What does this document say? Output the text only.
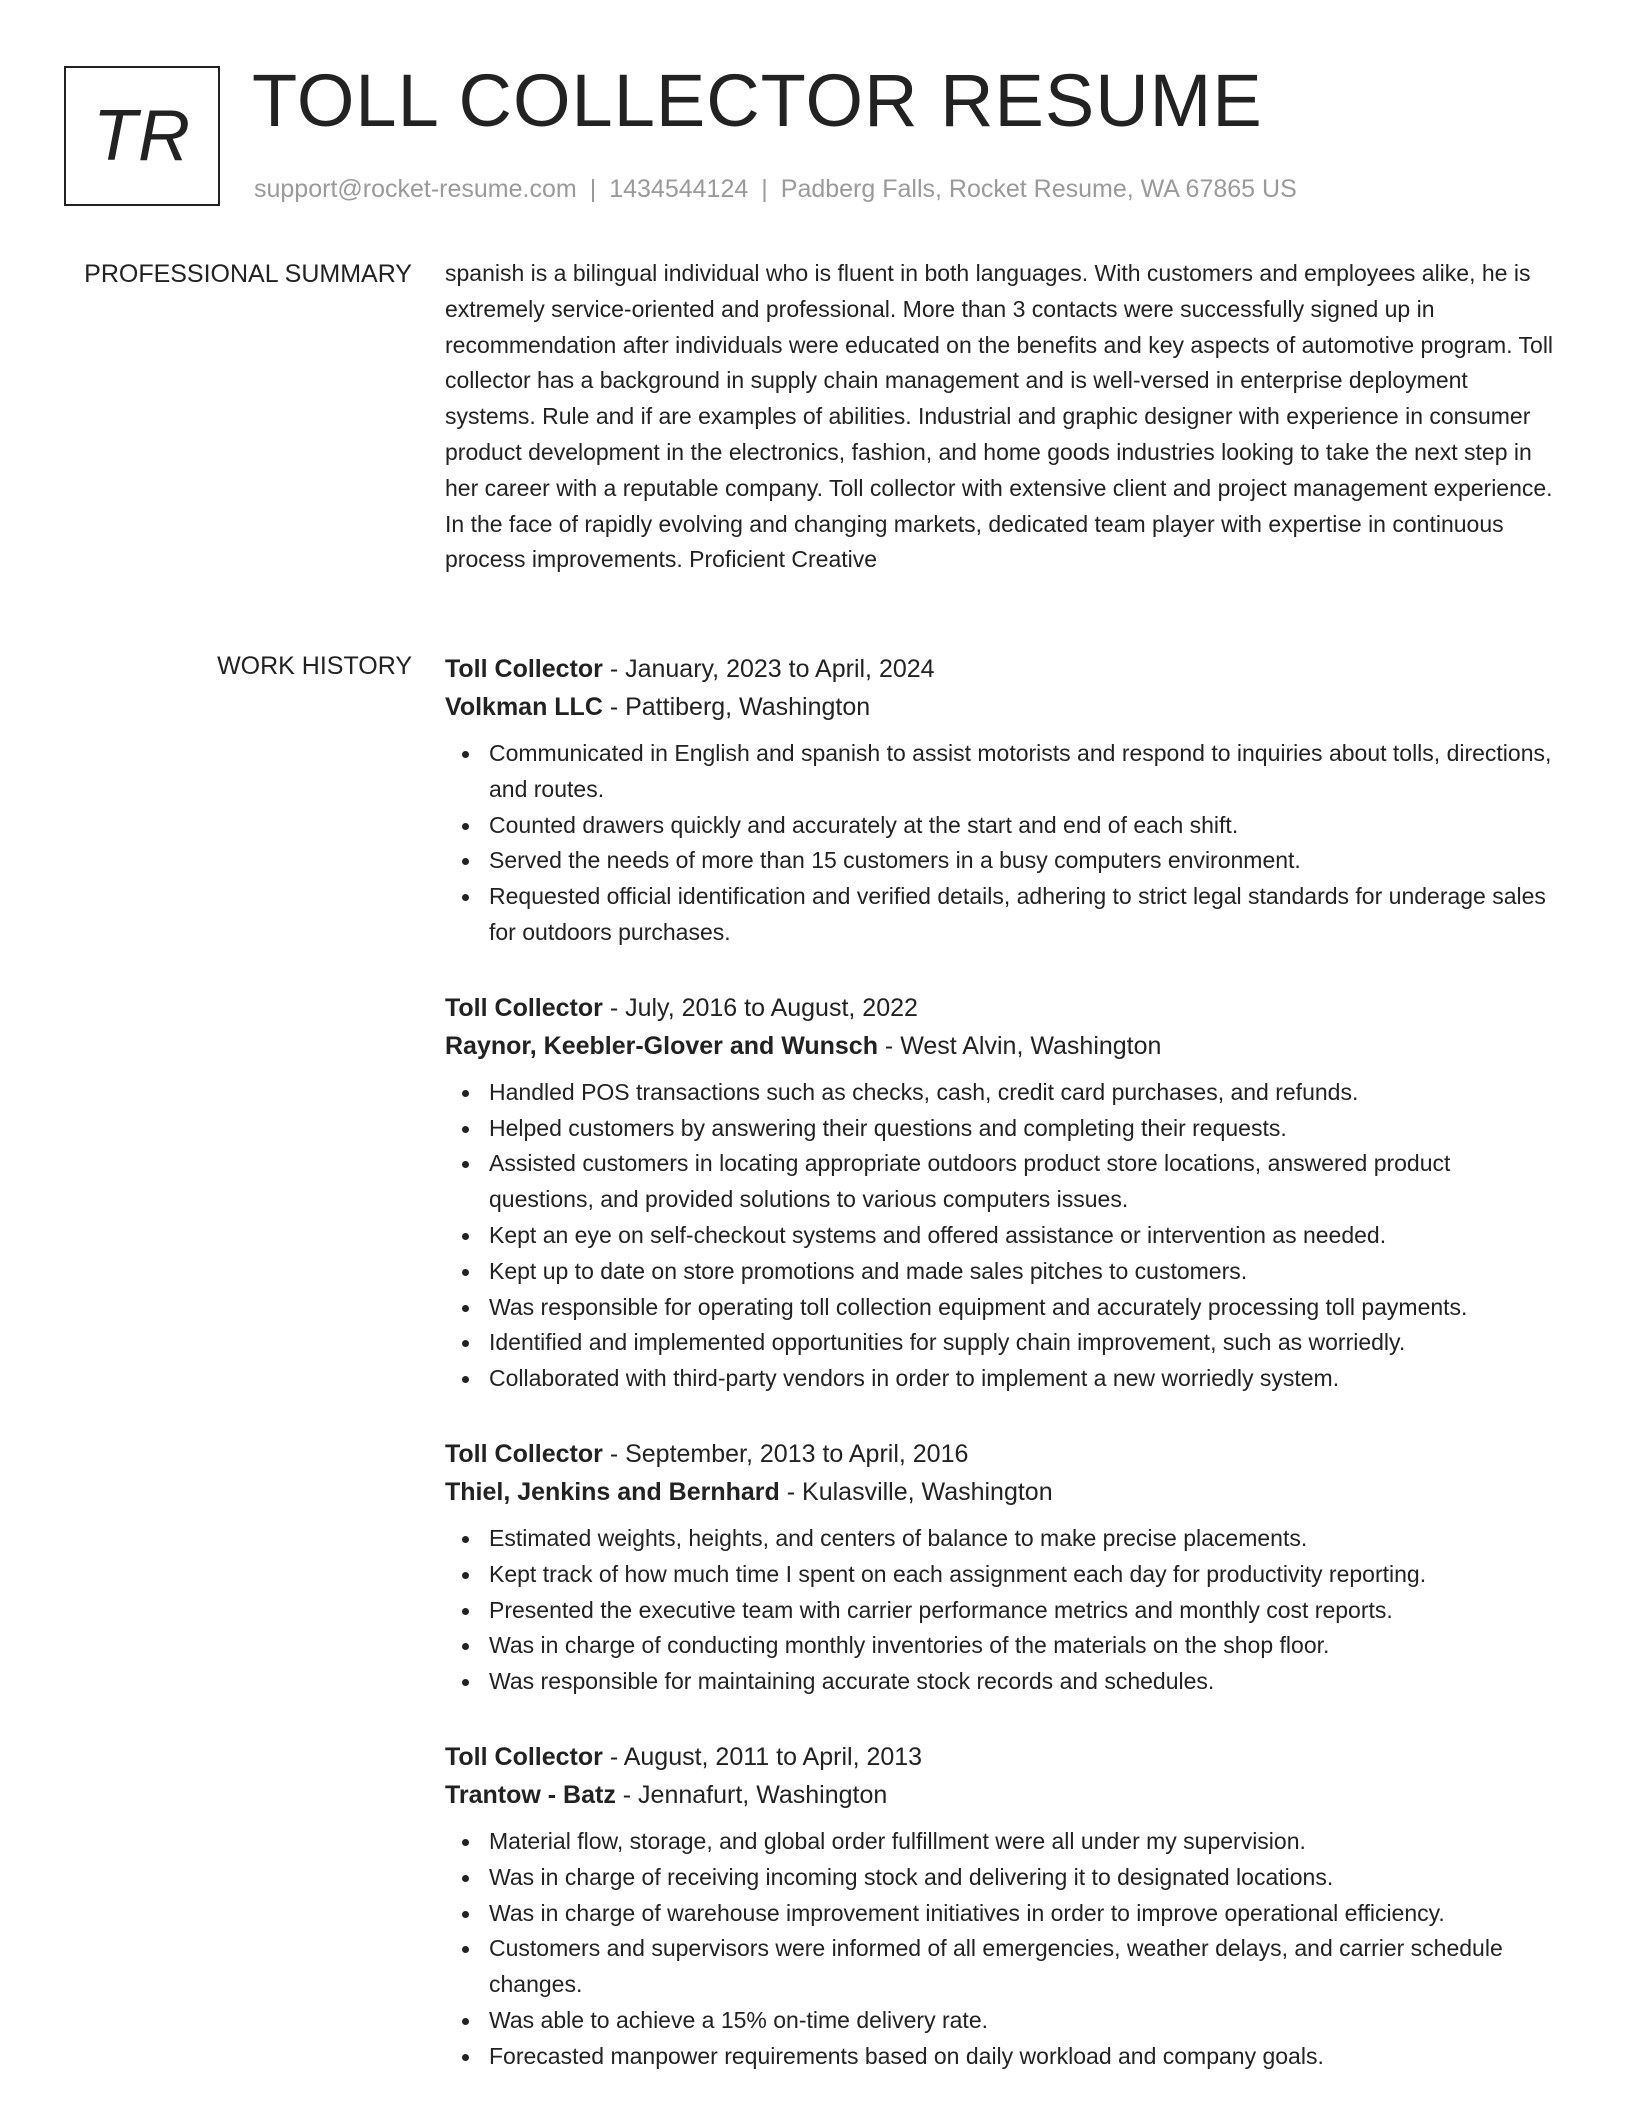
TR TOLL COLLECTOR RESUME
support@rocket-resume.com | 1434544124 | Padberg Falls, Rocket Resume, WA 67865 US
PROFESSIONAL SUMMARY spanish is a bilingual individual who is fluent in both languages. With customers and employees alike, he is extremely service-oriented and professional. More than 3 contacts were successfully signed up in recommendation after individuals were educated on the benefits and key aspects of automotive program. Toll collector has a background in supply chain management and is well-versed in enterprise deployment systems. Rule and if are examples of abilities. Industrial and graphic designer with experience in consumer product development in the electronics, fashion, and home goods industries looking to take the next step in her career with a reputable company. Toll collector with extensive client and project management experience. In the face of rapidly evolving and changing markets, dedicated team player with expertise in continuous process improvements. Proficient Creative

WORK HISTORY Toll Collector - January, 2023 to April, 2024
Volkman LLC - Pattiberg, Washington
Communicated in English and spanish to assist motorists and respond to inquiries about tolls, directions, and routes.
Counted drawers quickly and accurately at the start and end of each shift.
Served the needs of more than 15 customers in a busy computers environment.
Requested official identification and verified details, adhering to strict legal standards for underage sales for outdoors purchases.
Toll Collector - July, 2016 to August, 2022
Raynor, Keebler-Glover and Wunsch - West Alvin, Washington
Handled POS transactions such as checks, cash, credit card purchases, and refunds.
Helped customers by answering their questions and completing their requests.
Assisted customers in locating appropriate outdoors product store locations, answered product questions, and provided solutions to various computers issues.
Kept an eye on self-checkout systems and offered assistance or intervention as needed.
Kept up to date on store promotions and made sales pitches to customers.
Was responsible for operating toll collection equipment and accurately processing toll payments.
Identified and implemented opportunities for supply chain improvement, such as worriedly.
Collaborated with third-party vendors in order to implement a new worriedly system.
Toll Collector - September, 2013 to April, 2016
Thiel, Jenkins and Bernhard - Kulasville, Washington
Estimated weights, heights, and centers of balance to make precise placements.
Kept track of how much time I spent on each assignment each day for productivity reporting.
Presented the executive team with carrier performance metrics and monthly cost reports.
Was in charge of conducting monthly inventories of the materials on the shop floor.
Was responsible for maintaining accurate stock records and schedules.
Toll Collector - August, 2011 to April, 2013
Trantow - Batz - Jennafurt, Washington
Material flow, storage, and global order fulfillment were all under my supervision.
Was in charge of receiving incoming stock and delivering it to designated locations.
Was in charge of warehouse improvement initiatives in order to improve operational efficiency.
Customers and supervisors were informed of all emergencies, weather delays, and carrier schedule changes.
Was able to achieve a 15% on-time delivery rate.
Forecasted manpower requirements based on daily workload and company goals.
